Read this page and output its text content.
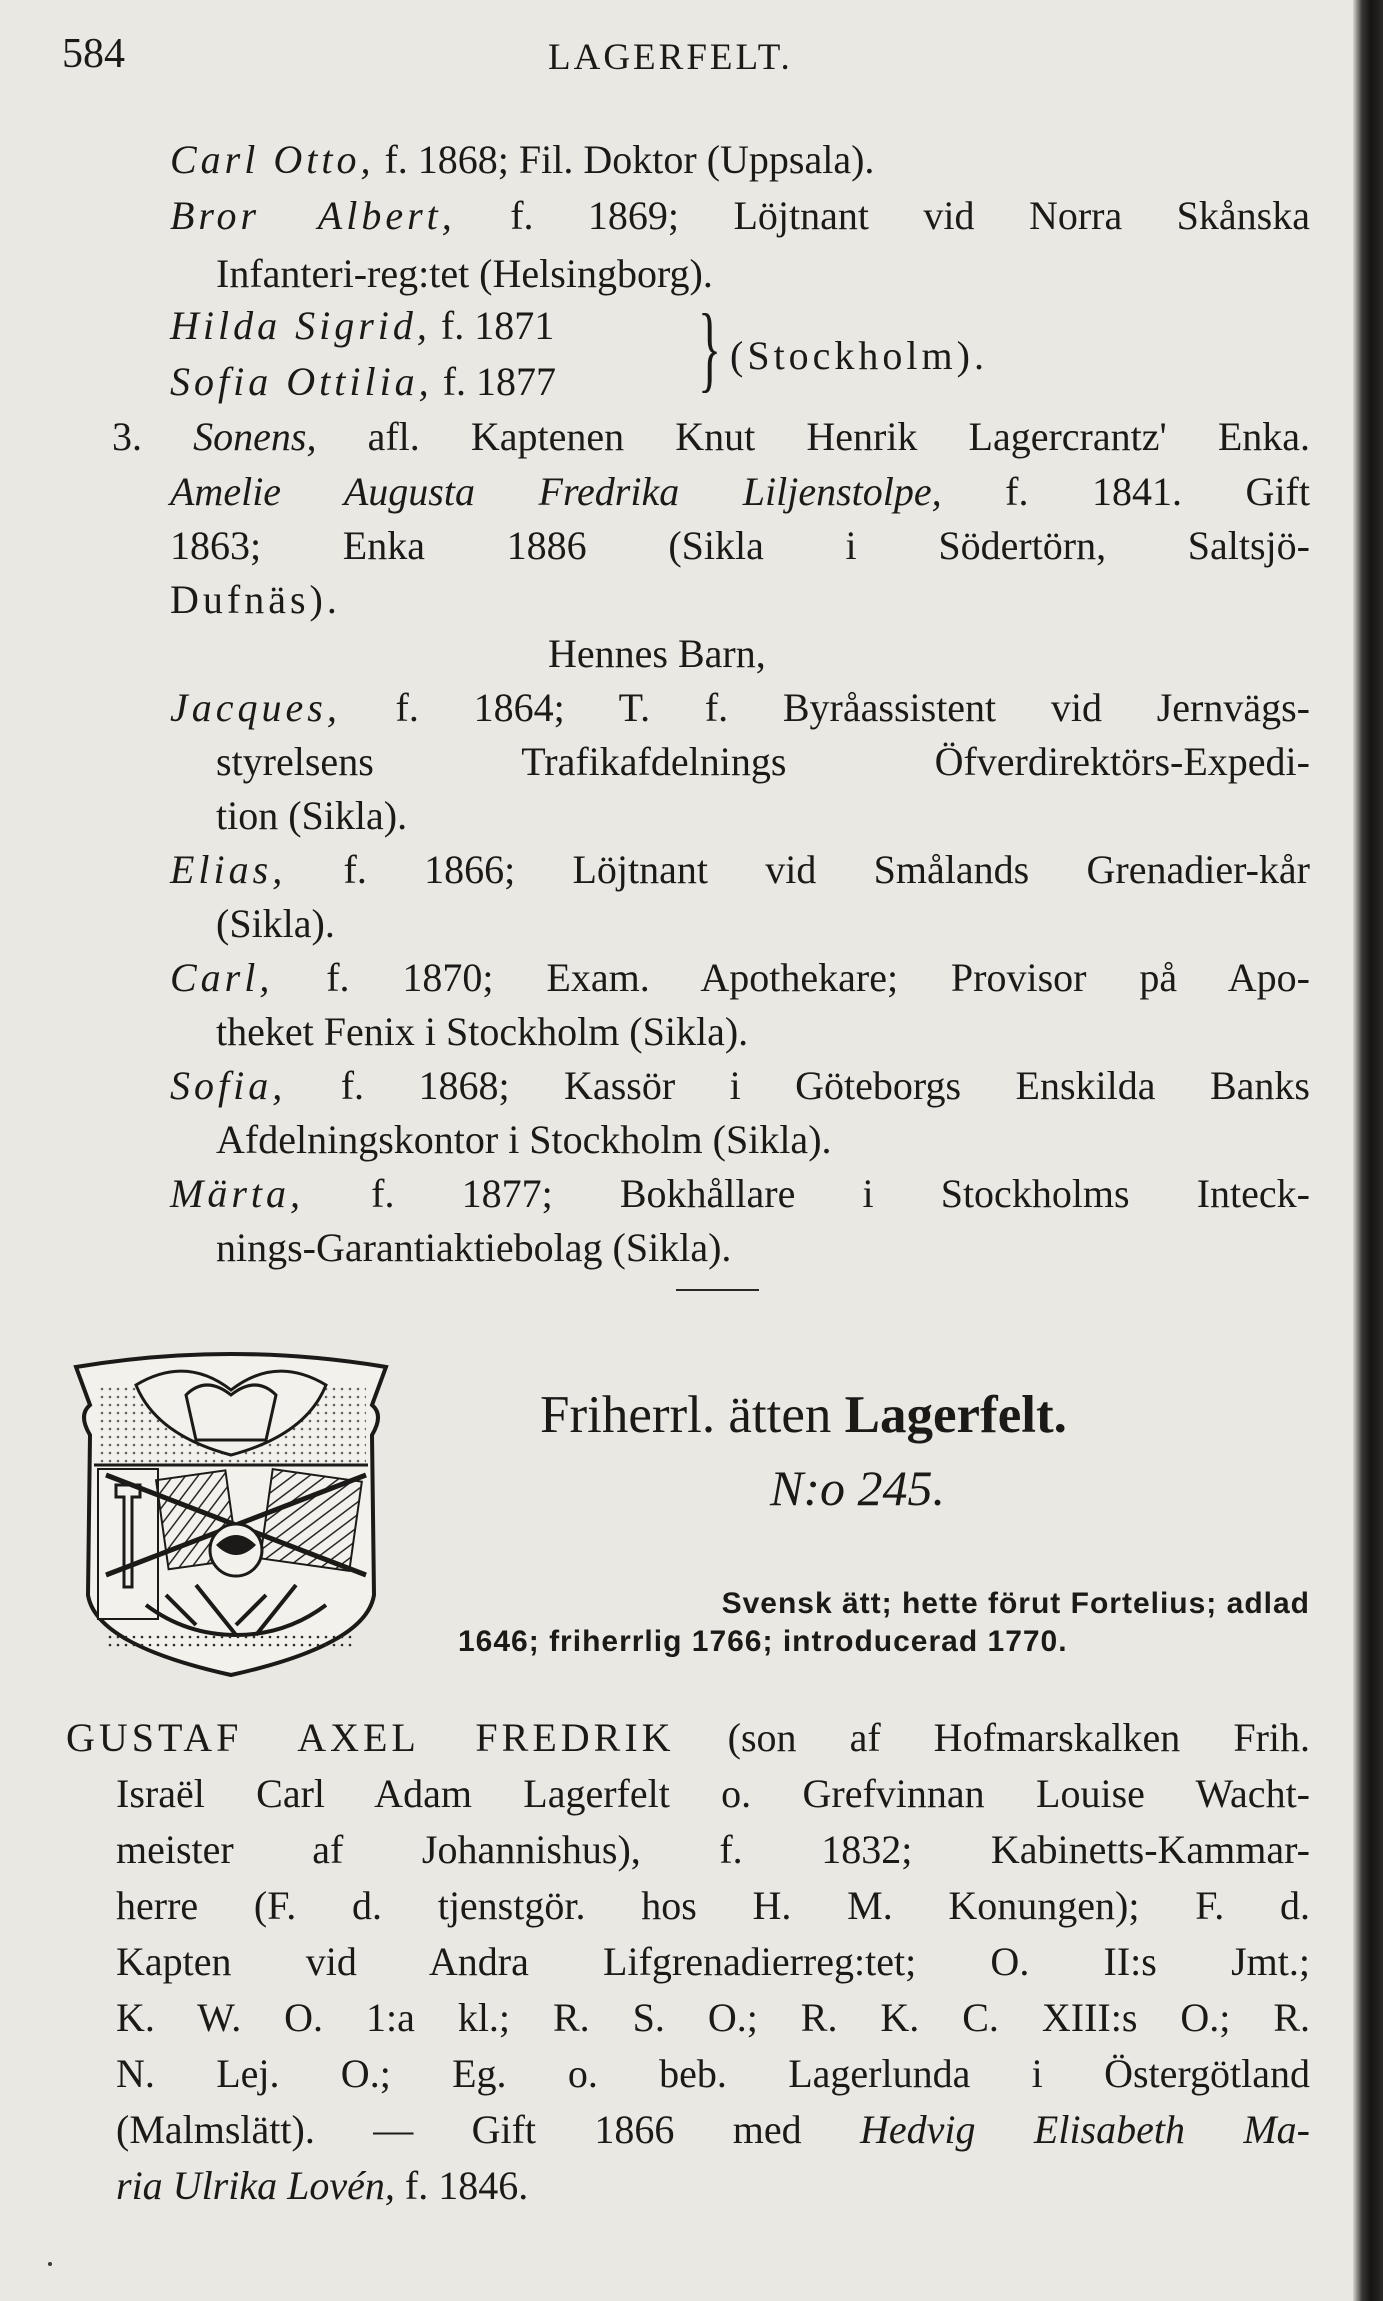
584	LAGERFELT.
Carl Otto, f. 1868; Fil. Doktor (Uppsala).
Bror Albert, f. 1869; Löjtnant vid Norra Skånska
Infanteri-reg:tet (Helsingborg).
Hilda Sigrid, f. 1871
Sofia Ottilia, f. 1877 } (Stockholm).
3. Sonens, afl. Kaptenen Knut Henrik Lagercrantz' Enka.
Amelie Augusta Fredrika Liljenstolpe, f. 1841. Gift
1863; Enka 1886 (Sikla i Södertörn, Saltsjö-
Dufnäs).
Hennes Barn,
Jacques, f. 1864; T. f. Byråassistent vid Jernvägs-
styrelsens Trafikafdelnings Öfverdirektörs-Expedi-
tion (Sikla).
Elias, f. 1866; Löjtnant vid Smålands Grenadier-kår
(Sikla).
Carl, f. 1870; Exam. Apothekare; Provisor på Apo-
theket Fenix i Stockholm (Sikla).
Sofia, f. 1868; Kassör i Göteborgs Enskilda Banks
Afdelningskontor i Stockholm (Sikla).
Märta, f. 1877; Bokhållare i Stockholms Inteck-
nings-Garantiaktiebolag (Sikla).
Friherrl. ätten Lagerfelt.
N:o 245.
Svensk ätt; hette förut Fortelius; adlad
1646; friherrlig 1766; introducerad 1770.
GUSTAF AXEL FREDRIK (son af Hofmarskalken Frih.
Israël Carl Adam Lagerfelt o. Grefvinnan Louise Wacht-
meister af Johannishus), f. 1832; Kabinetts-Kammar-
herre (F. d. tjenstgör. hos H. M. Konungen); F. d.
Kapten vid Andra Lifgrenadierreg:tet; O. II:s Jmt.;
K. W. O. 1:a kl.; R. S. O.; R. K. C. XIII:s O.; R.
N. Lej. O.; Eg. o. beb. Lagerlunda i Östergötland
(Malmslätt). — Gift 1866 med Hedvig Elisabeth Ma-
ria Ulrika Lovén, f. 1846.
